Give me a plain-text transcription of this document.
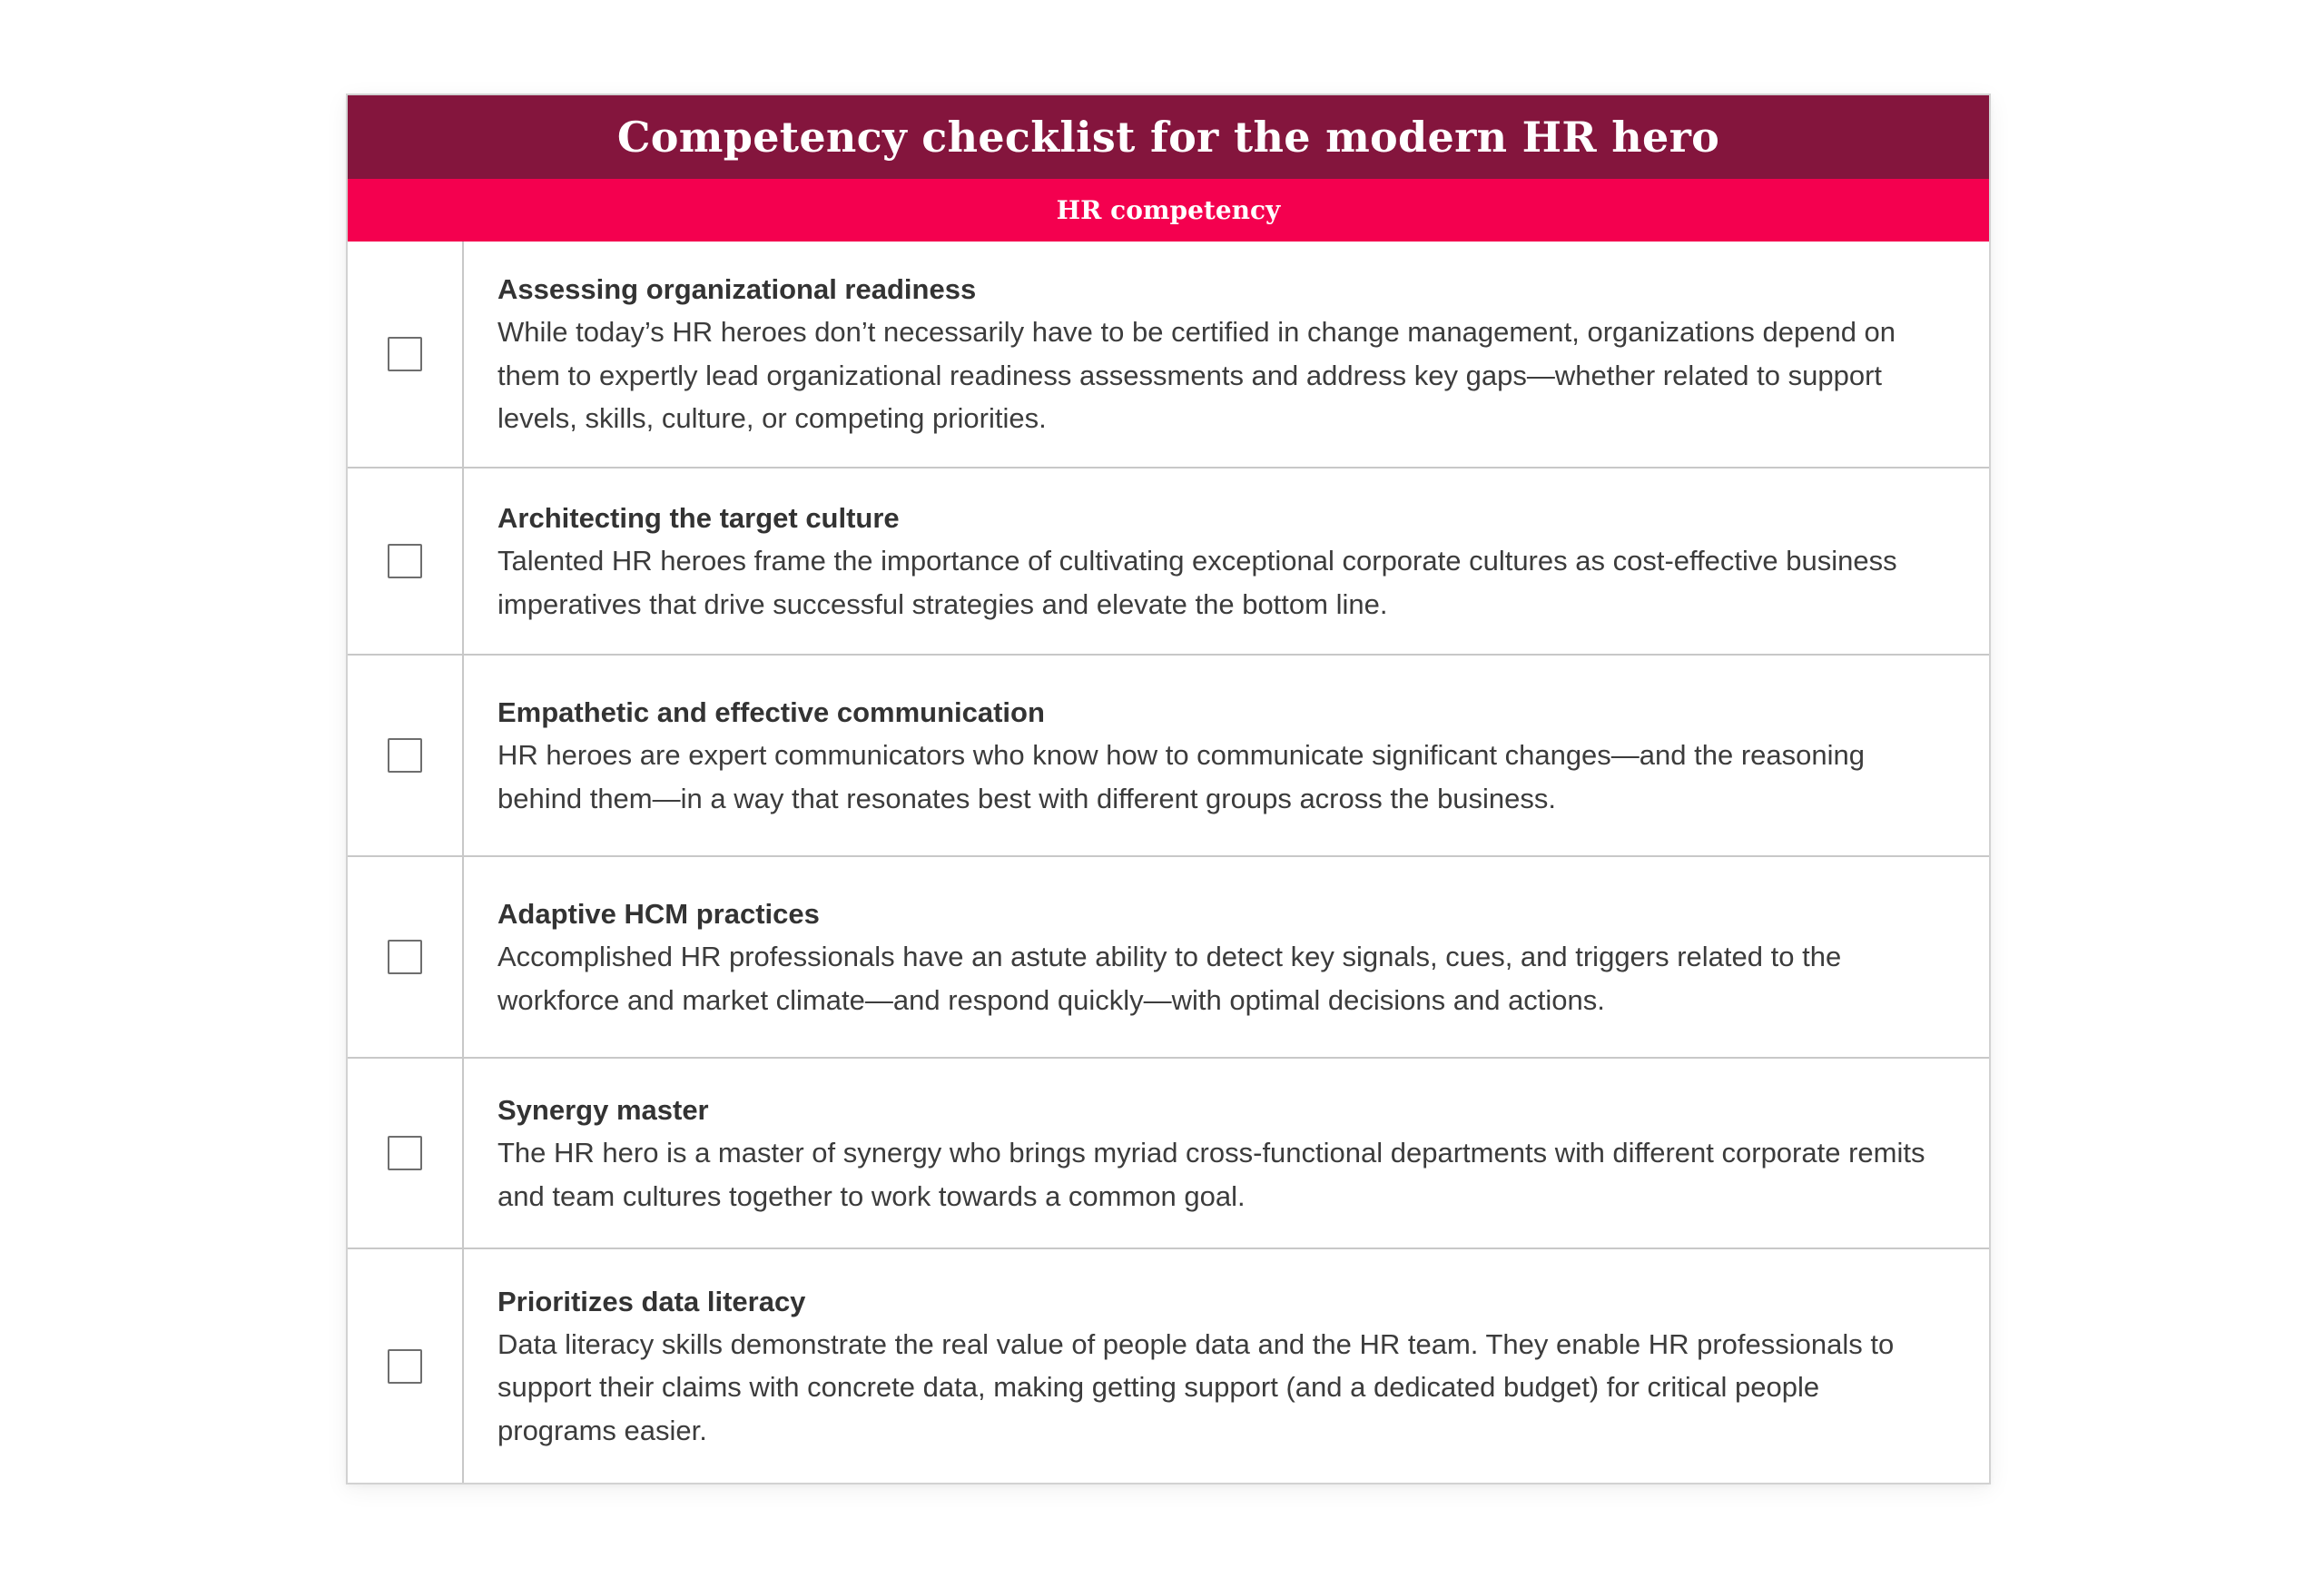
Competency checklist for the modern HR hero
HR competency
Assessing organizational readiness
While today’s HR heroes don’t necessarily have to be certified in change management, organizations depend on them to expertly lead organizational readiness assessments and address key gaps—whether related to support levels, skills, culture, or competing priorities.
Architecting the target culture
Talented HR heroes frame the importance of cultivating exceptional corporate cultures as cost-effective business imperatives that drive successful strategies and elevate the bottom line.
Empathetic and effective communication
HR heroes are expert communicators who know how to communicate significant changes—and the reasoning behind them—in a way that resonates best with different groups across the business.
Adaptive HCM practices
Accomplished HR professionals have an astute ability to detect key signals, cues, and triggers related to the workforce and market climate—and respond quickly—with optimal decisions and actions.
Synergy master
The HR hero is a master of synergy who brings myriad cross-functional departments with different corporate remits and team cultures together to work towards a common goal.
Prioritizes data literacy
Data literacy skills demonstrate the real value of people data and the HR team. They enable HR professionals to support their claims with concrete data, making getting support (and a dedicated budget) for critical people programs easier.
